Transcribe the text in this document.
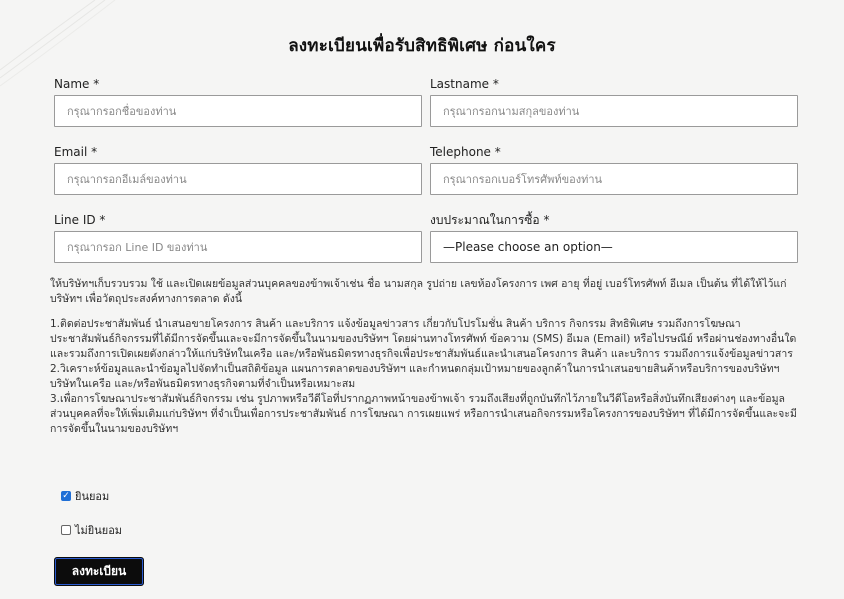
ลงทะเบียนเพื่อรับสิทธิพิเศษ ก่อนใคร
Name *
กรุณากรอกชื่อของท่าน
Lastname *
กรุณากรอกนามสกุลของท่าน
Email *
กรุณากรอกอีเมล์ของท่าน
Telephone *
กรุณากรอกเบอร์โทรศัพท์ของท่าน
Line ID *
กรุณากรอก Line ID ของท่าน
งบประมาณในการซื้อ *
—Please choose an option—

ให้บริษัทฯเก็บรวบรวม ใช้ และเปิดเผยข้อมูลส่วนบุคคลของข้าพเจ้าเช่น ชื่อ นามสกุล รูปถ่าย เลขห้องโครงการ เพศ อายุ ที่อยู่ เบอร์โทรศัพท์ อีเมล เป็นต้น ที่ได้ให้ไว้แก่บริษัทฯ เพื่อวัตถุประสงค์ทางการตลาด ดังนี้

1.ติดต่อประชาสัมพันธ์ นำเสนอขายโครงการ สินค้า และบริการ แจ้งข้อมูลข่าวสาร เกี่ยวกับโปรโมชั่น สินค้า บริการ กิจกรรม สิทธิพิเศษ รวมถึงการโฆษณาประชาสัมพันธ์กิจกรรมที่ได้มีการจัดขึ้นและจะมีการจัดขึ้นในนามของบริษัทฯ โดยผ่านทางโทรศัพท์ ข้อความ (SMS) อีเมล (Email) หรือไปรษณีย์ หรือผ่านช่องทางอื่นใดและรวมถึงการเปิดเผยดังกล่าวให้แก่บริษัทในเครือ และ/หรือพันธมิตรทางธุรกิจเพื่อประชาสัมพันธ์และนำเสนอโครงการ สินค้า และบริการ รวมถึงการแจ้งข้อมูลข่าวสาร

2.วิเคราะห์ข้อมูลและนำข้อมูลไปจัดทำเป็นสถิติข้อมูล แผนการตลาดของบริษัทฯ และกำหนดกลุ่มเป้าหมายของลูกค้าในการนำเสนอขายสินค้าหรือบริการของบริษัทฯ บริษัทในเครือ และ/หรือพันธมิตรทางธุรกิจตามที่จำเป็นหรือเหมาะสม

3.เพื่อการโฆษณาประชาสัมพันธ์กิจกรรม เช่น รูปภาพหรือวีดีโอที่ปรากฏภาพหน้าของข้าพเจ้า รวมถึงเสียงที่ถูกบันทึกไว้ภายในวีดีโอหรือสิ่งบันทึกเสียงต่างๆ และข้อมูลส่วนบุคคลที่จะให้เพิ่มเติมแก่บริษัทฯ ที่จำเป็นเพื่อการประชาสัมพันธ์ การโฆษณา การเผยแพร่ หรือการนำเสนอกิจกรรมหรือโครงการของบริษัทฯ ที่ได้มีการจัดขึ้นและจะมีการจัดขึ้นในนามของบริษัทฯ

✓ ยินยอม
ไม่ยินยอม
ลงทะเบียน
